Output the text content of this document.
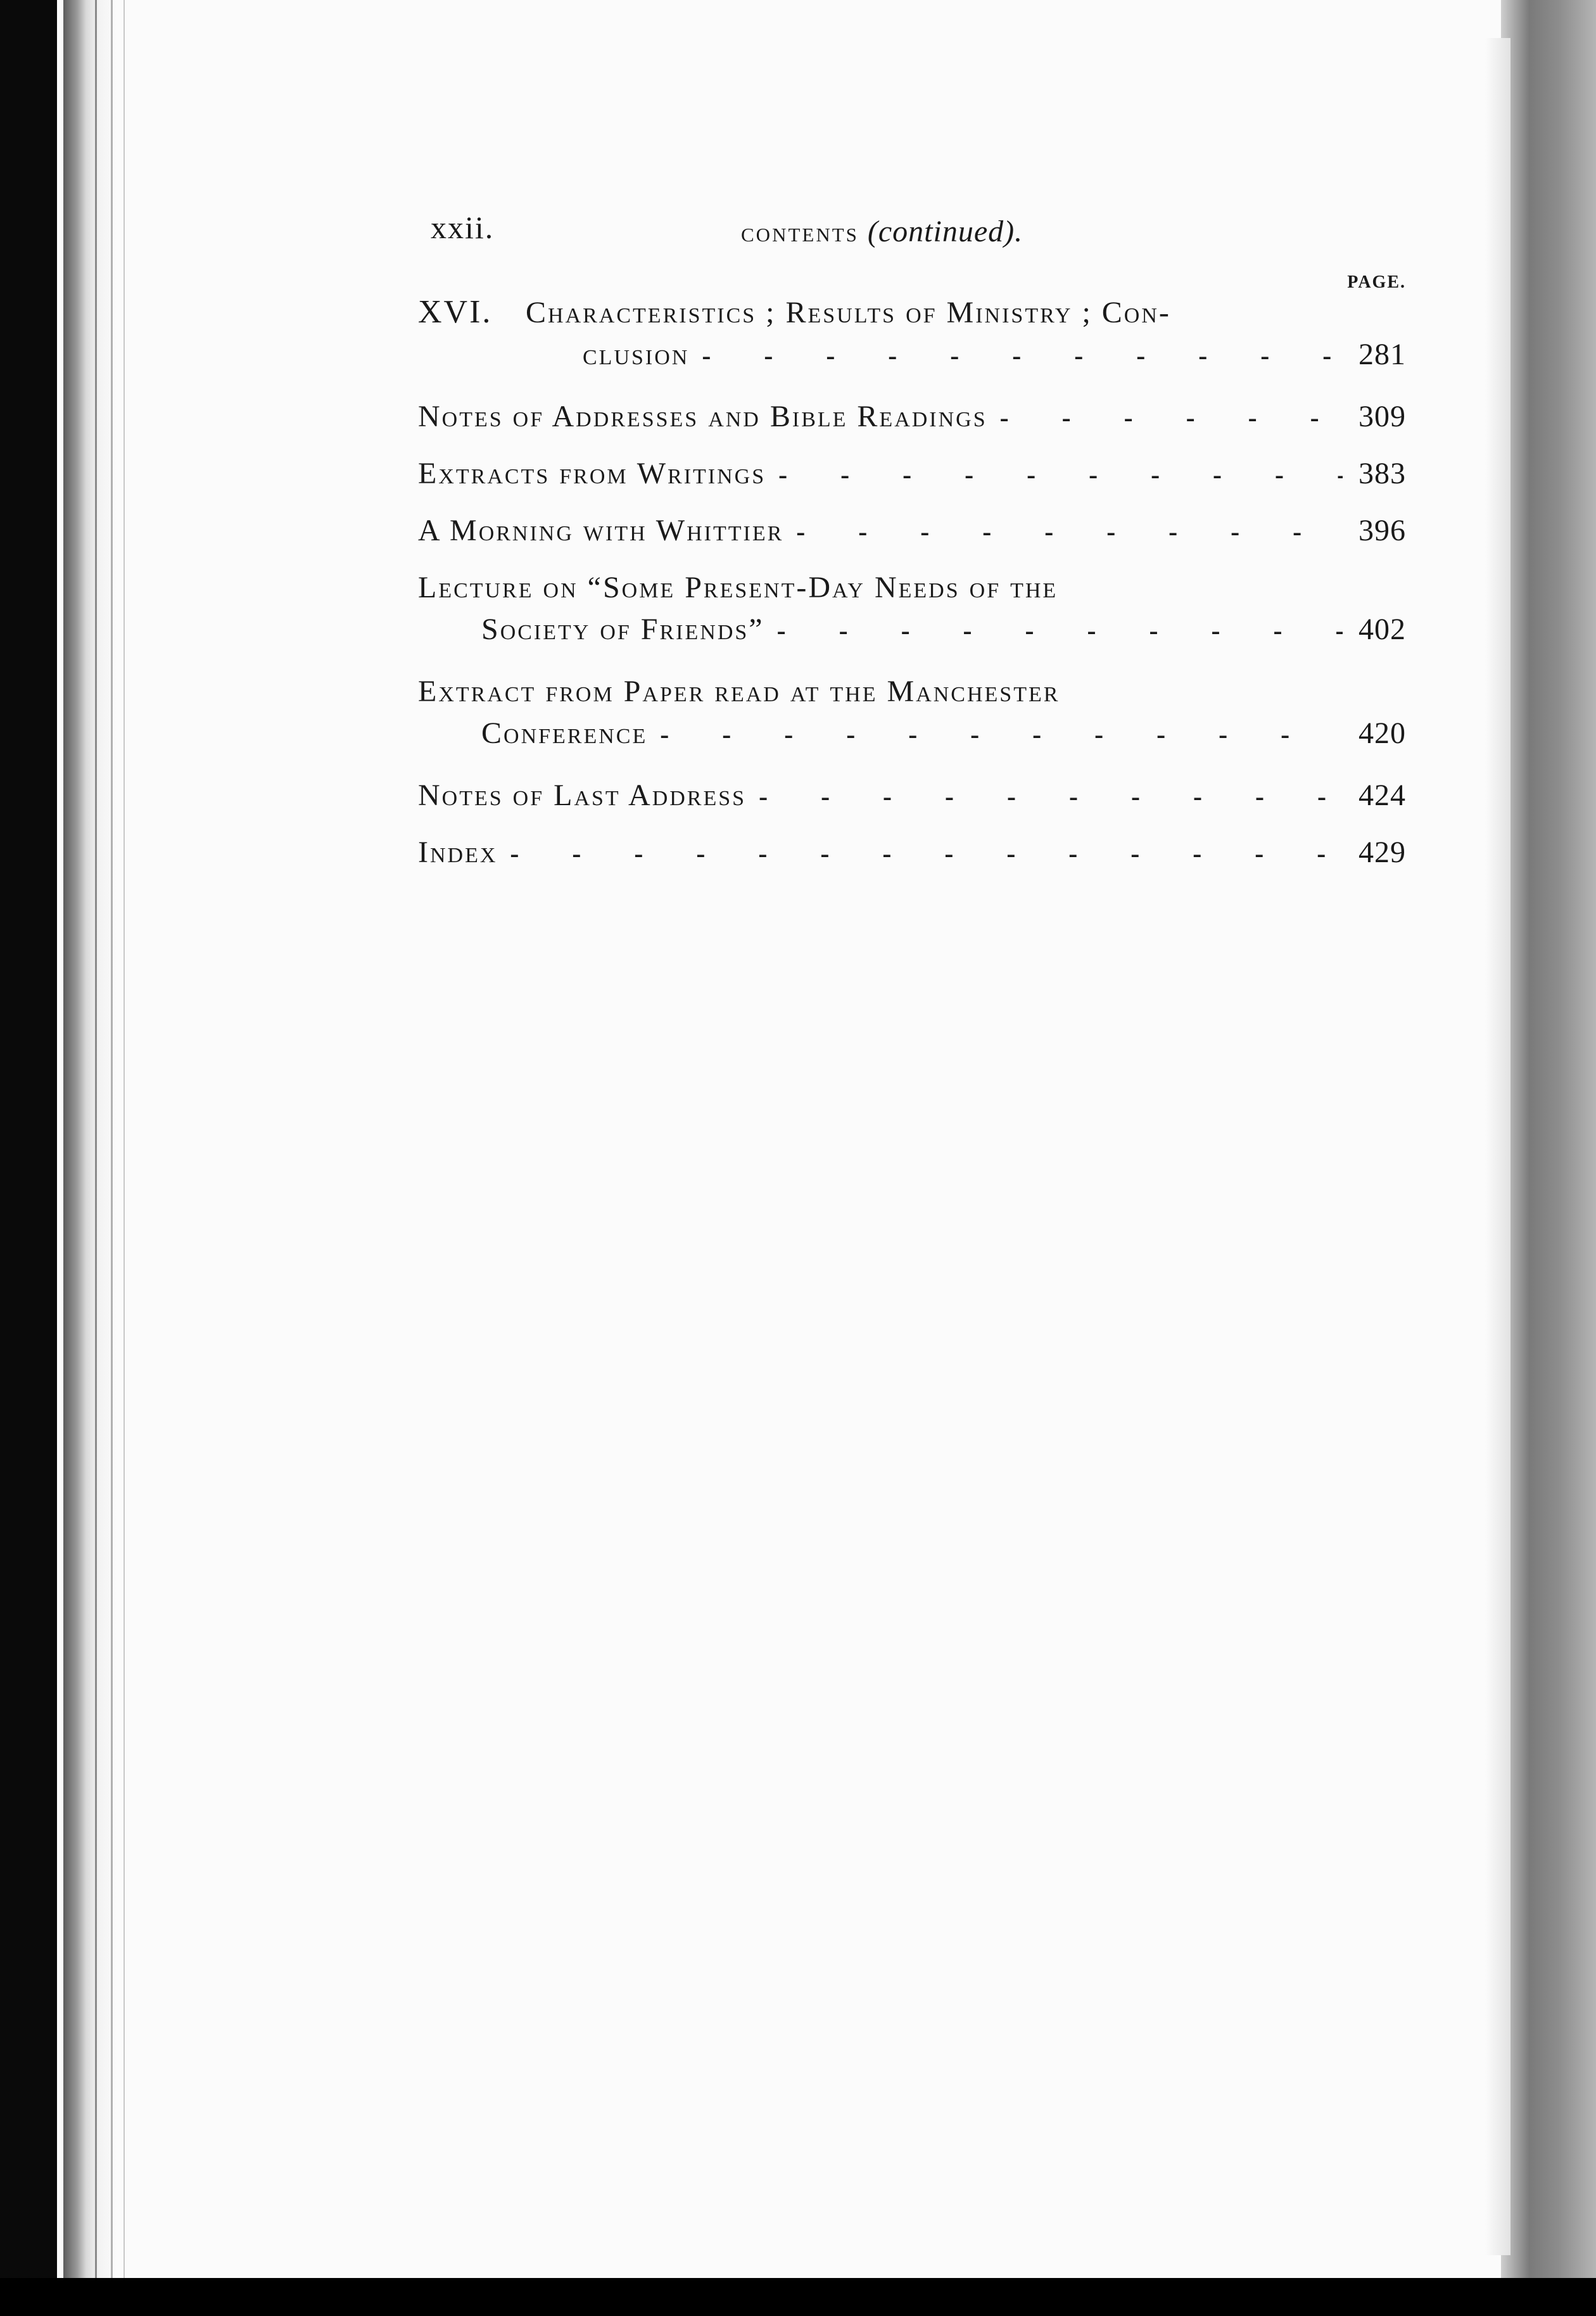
xxii.	contents (continued).
PAGE.
XVI.	Characteristics ; Results of Ministry ; Con-
clusion -	281
Notes of Addresses and Bible Readings -	309
Extracts from Writings -	383
A Morning with Whittier -	396
Lecture on “Some Present-Day Needs of the
Society of Friends” -	402
Extract from Paper read at the Manchester
Conference -	420
Notes of Last Address -	424
Index -	429
